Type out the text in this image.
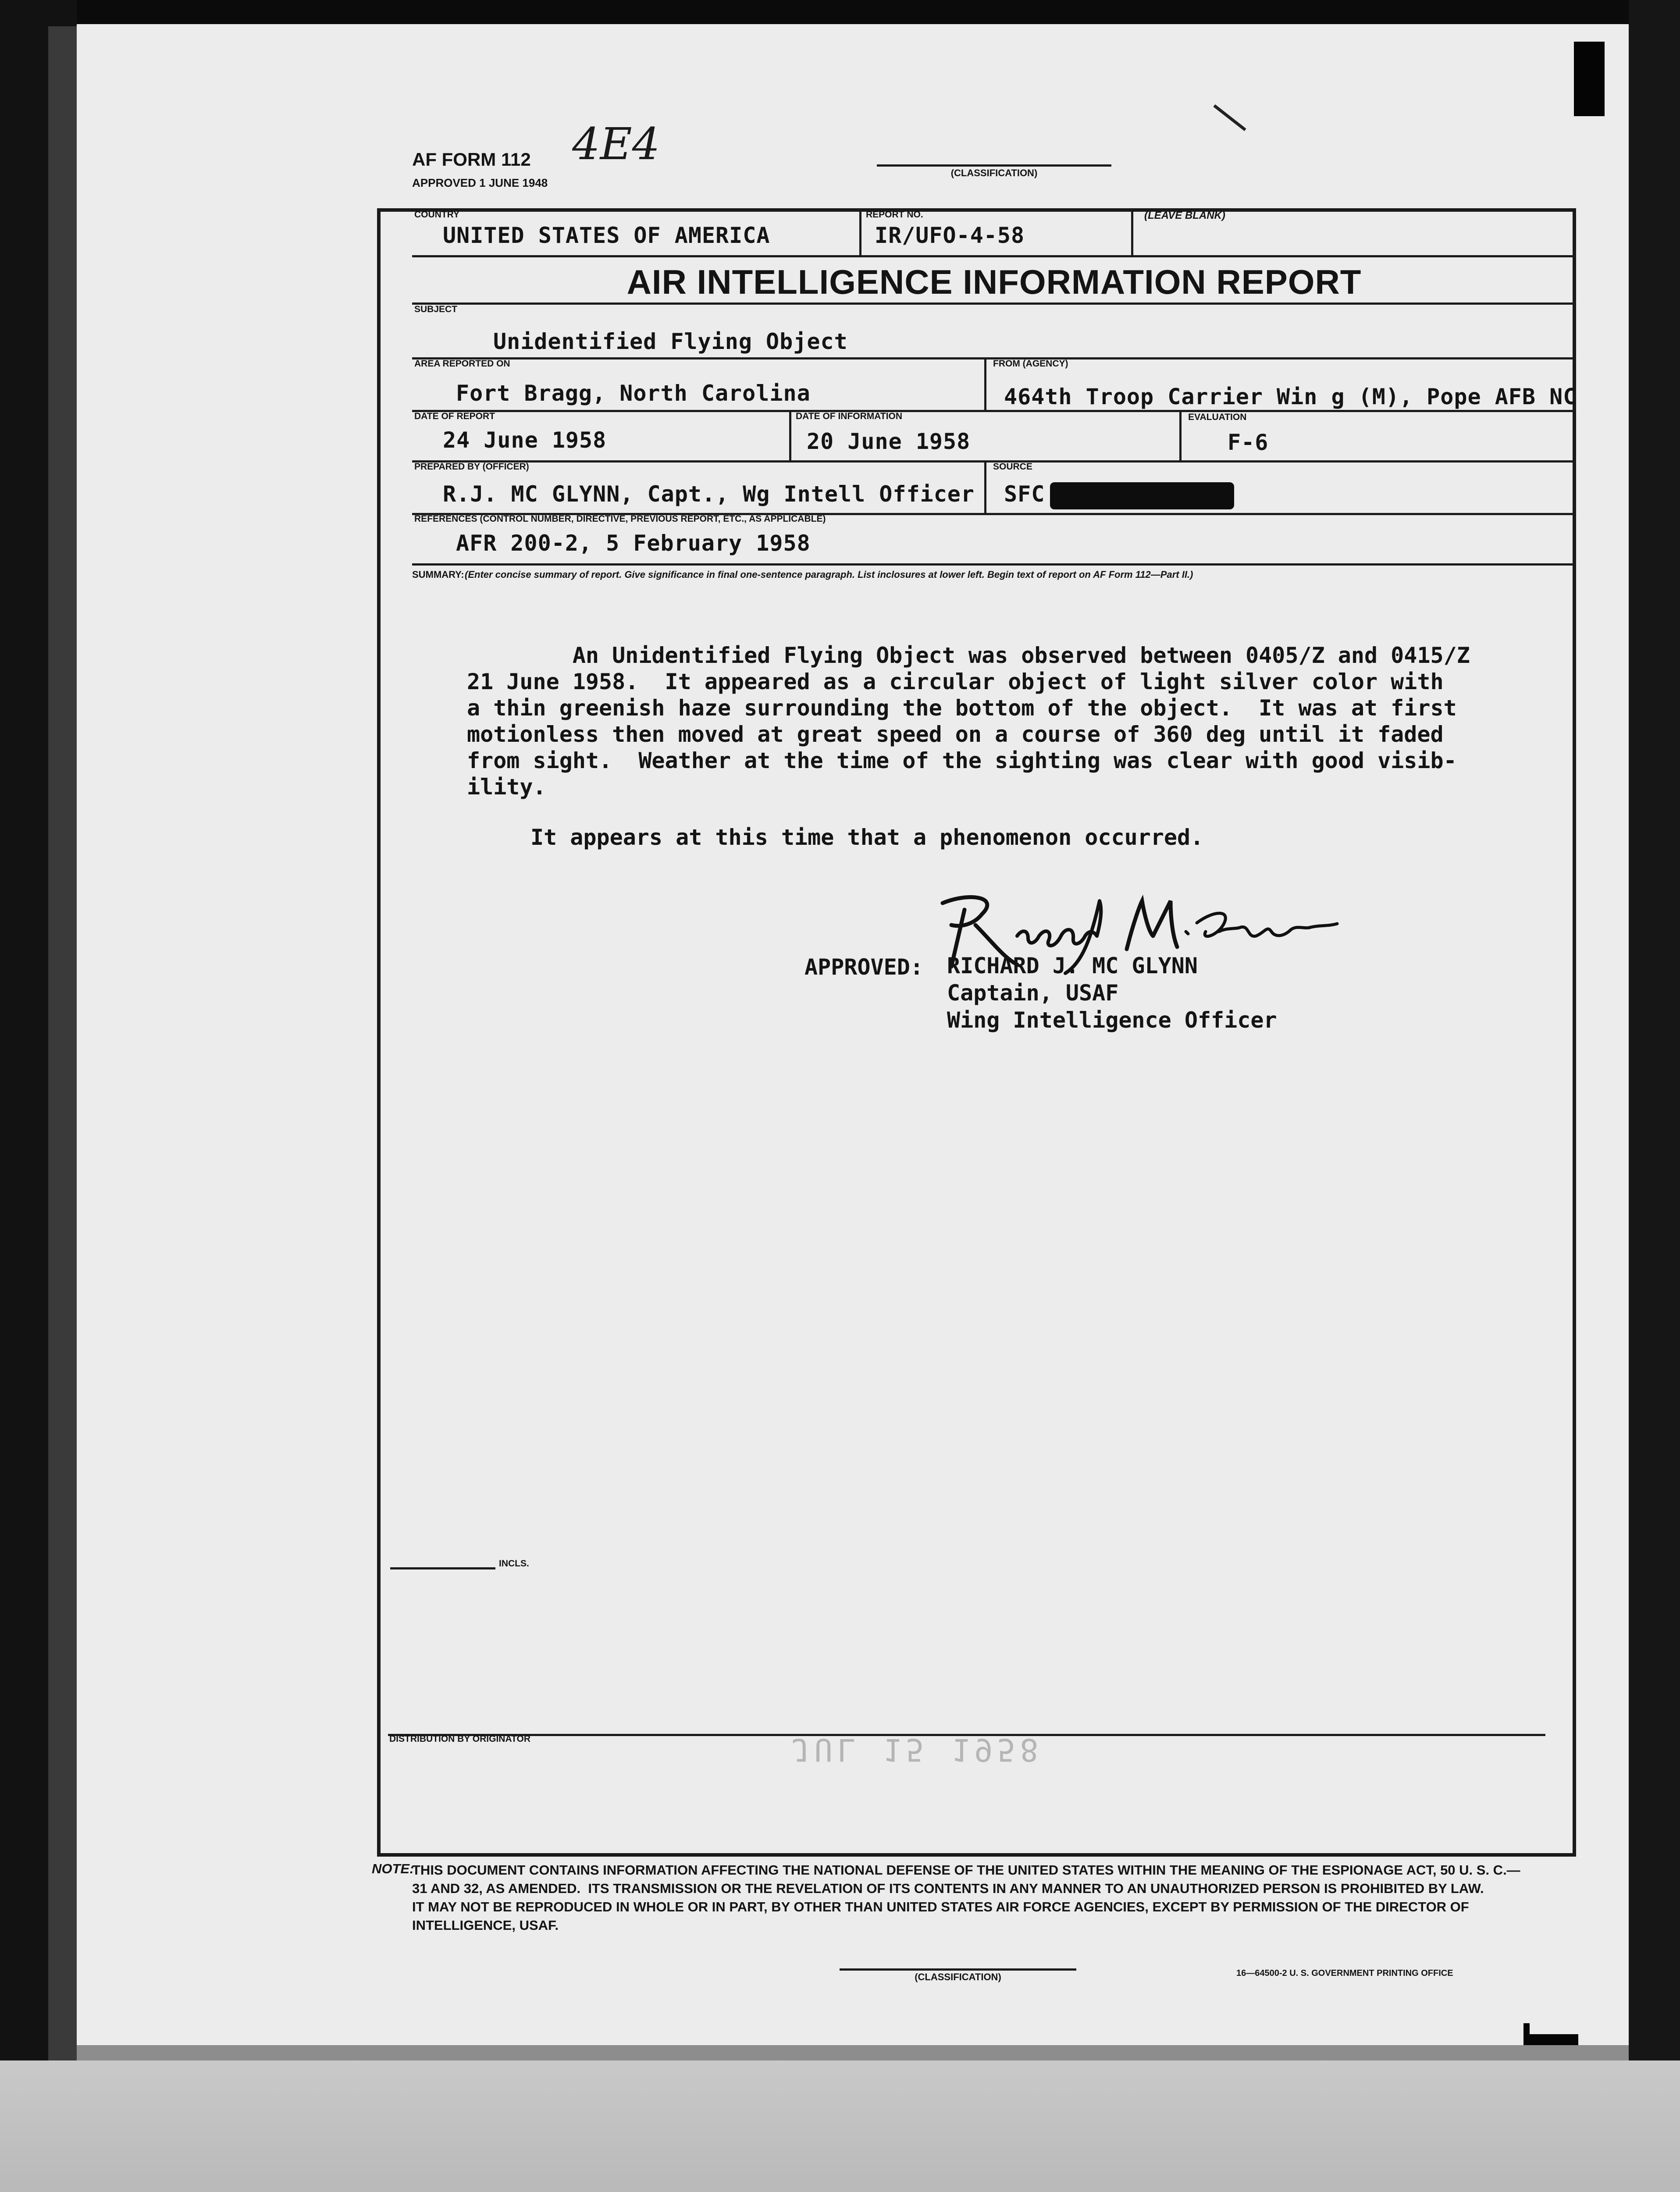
AF FORM 112
APPROVED 1 JUNE 1948
4E4
(CLASSIFICATION)
COUNTRY
UNITED STATES OF AMERICA
REPORT NO.
IR/UFO-4-58
(LEAVE BLANK)
AIR INTELLIGENCE INFORMATION REPORT
SUBJECT
Unidentified Flying Object
AREA REPORTED ON
Fort Bragg, North Carolina
FROM (AGENCY)
464th Troop Carrier Win g (M), Pope AFB NC
DATE OF REPORT
24 June 1958
DATE OF INFORMATION
20 June 1958
EVALUATION
F-6
PREPARED BY (OFFICER)
R.J. MC GLYNN, Capt., Wg Intell Officer
SOURCE
SFC
REFERENCES (CONTROL NUMBER, DIRECTIVE, PREVIOUS REPORT, ETC., AS APPLICABLE)
AFR 200-2, 5 February 1958
SUMMARY: (Enter concise summary of report. Give significance in final one-sentence paragraph. List inclosures at lower left. Begin text of report on AF Form 112—Part II.)
An Unidentified Flying Object was observed between 0405/Z and 0415/Z
21 June 1958.  It appeared as a circular object of light silver color with
a thin greenish haze surrounding the bottom of the object.  It was at first
motionless then moved at great speed on a course of 360 deg until it faded
from sight.  Weather at the time of the sighting was clear with good visib-
ility.
It appears at this time that a phenomenon occurred.
APPROVED: RICHARD J. MC GLYNN
Captain, USAF
Wing Intelligence Officer
INCLS.
DISTRIBUTION BY ORIGINATOR	JUL 15 1958
NOTE:
THIS DOCUMENT CONTAINS INFORMATION AFFECTING THE NATIONAL DEFENSE OF THE UNITED STATES WITHIN THE MEANING OF THE ESPIONAGE ACT, 50 U. S. C.—
31 AND 32, AS AMENDED.  ITS TRANSMISSION OR THE REVELATION OF ITS CONTENTS IN ANY MANNER TO AN UNAUTHORIZED PERSON IS PROHIBITED BY LAW.
IT MAY NOT BE REPRODUCED IN WHOLE OR IN PART, BY OTHER THAN UNITED STATES AIR FORCE AGENCIES, EXCEPT BY PERMISSION OF THE DIRECTOR OF
INTELLIGENCE, USAF.
(CLASSIFICATION)	16—64500-2 U. S. GOVERNMENT PRINTING OFFICE
